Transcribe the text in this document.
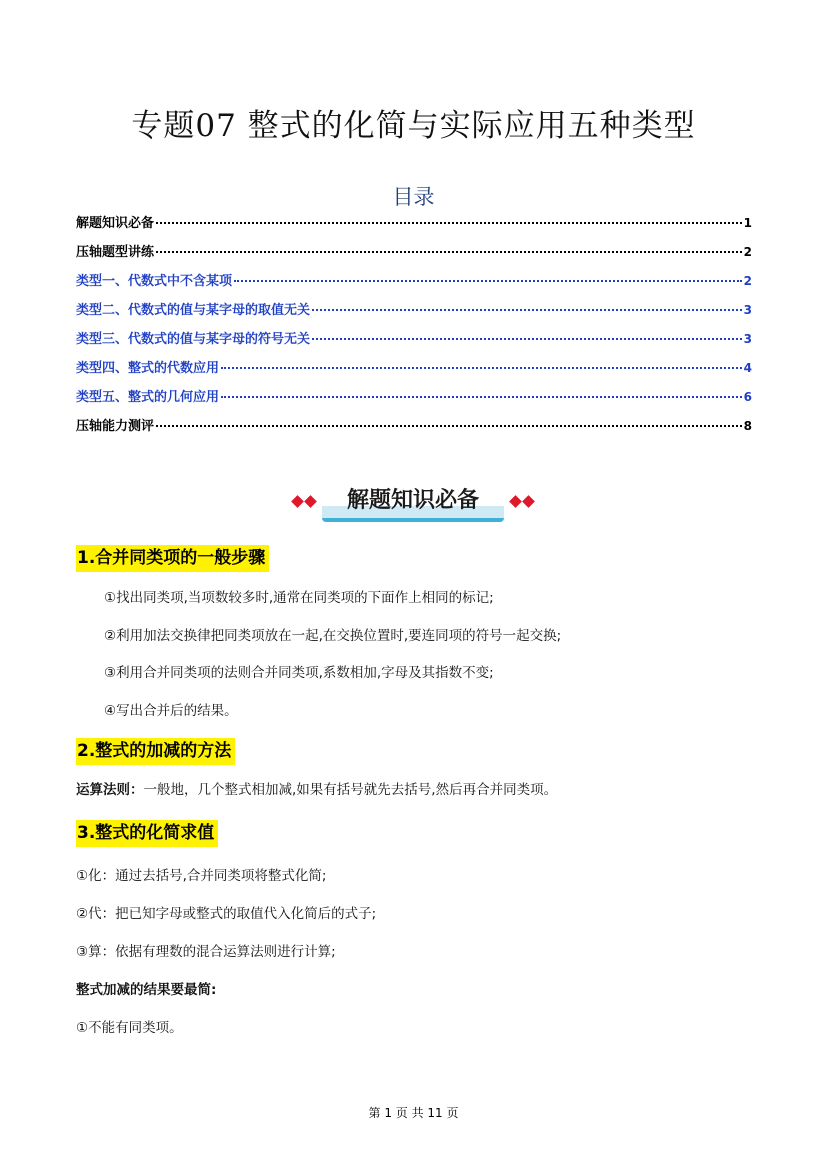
专题07 整式的化简与实际应用五种类型
目录
解题知识必备	1
压轴题型讲练	2
类型一、代数式中不含某项	2
类型二、代数式的值与某字母的取值无关	3
类型三、代数式的值与某字母的符号无关	3
类型四、整式的代数应用	4
类型五、整式的几何应用	6
压轴能力测评	8
解题知识必备
1.合并同类项的一般步骤
①找出同类项,当项数较多时,通常在同类项的下面作上相同的标记;
②利用加法交换律把同类项放在一起,在交换位置时,要连同项的符号一起交换;
③利用合并同类项的法则合并同类项,系数相加,字母及其指数不变;
④写出合并后的结果。
2.整式的加减的方法
运算法则：一般地，几个整式相加减,如果有括号就先去括号,然后再合并同类项。
3.整式的化简求值
①化：通过去括号,合并同类项将整式化简;
②代：把已知字母或整式的取值代入化简后的式子;
③算：依据有理数的混合运算法则进行计算;
整式加减的结果要最简:
①不能有同类项。
第 1 页 共 11 页
